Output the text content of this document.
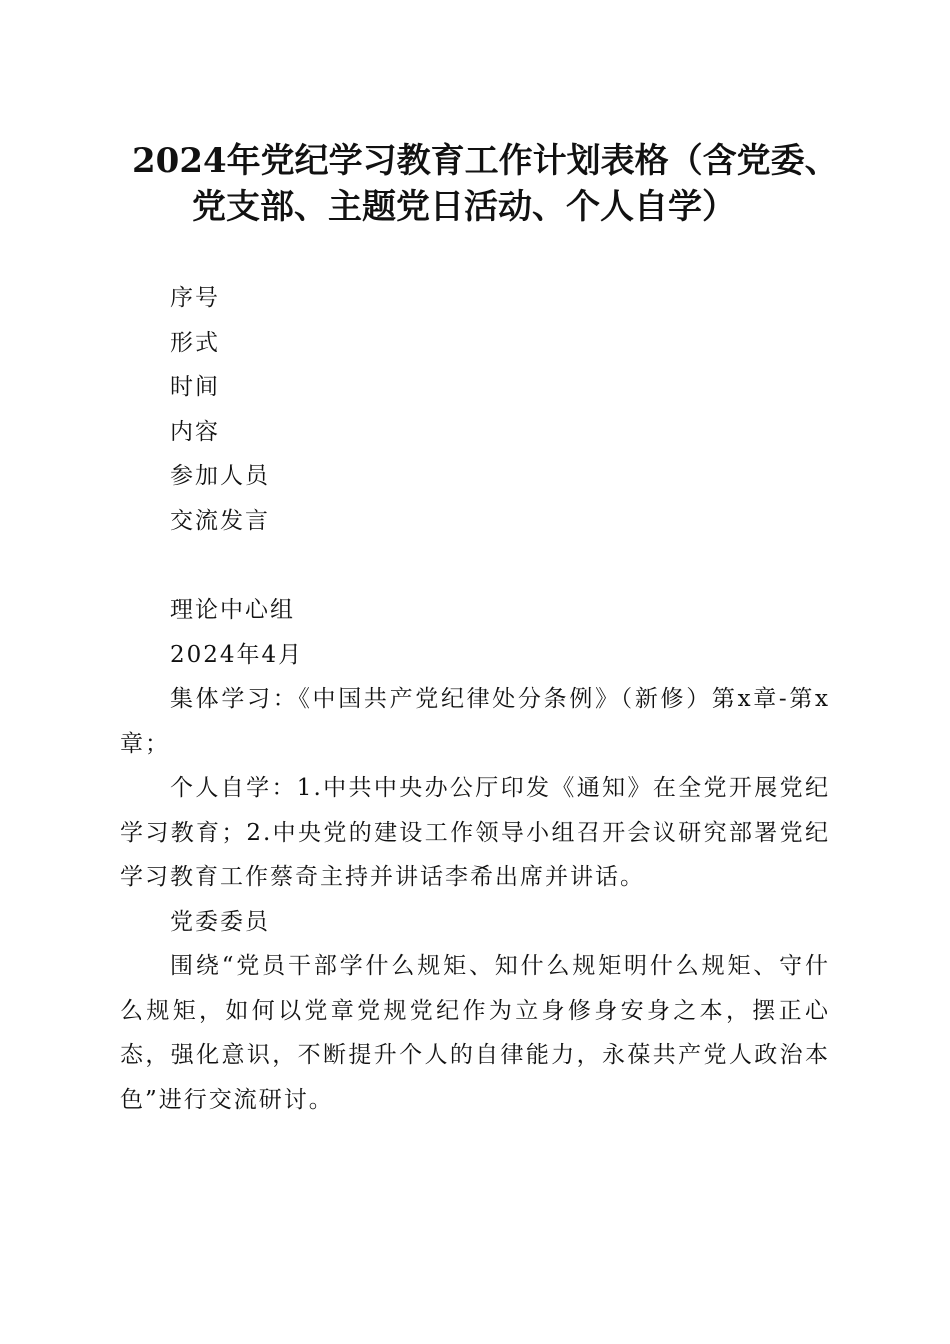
2024年党纪学习教育工作计划表格（含党委、
党支部、主题党日活动、个人自学）
序号
形式
时间
内容
参加人员
交流发言
理论中心组
2024年4月
集体学习：《中国共产党纪律处分条例》（新修）第x章-第x章；
个人自学：1.中共中央办公厅印发《通知》在全党开展党纪学习教育；2.中央党的建设工作领导小组召开会议研究部署党纪学习教育工作蔡奇主持并讲话李希出席并讲话。
党委委员
围绕“党员干部学什么规矩、知什么规矩明什么规矩、守什么规矩，如何以党章党规党纪作为立身修身安身之本，摆正心态，强化意识，不断提升个人的自律能力，永葆共产党人政治本色”进行交流研讨。
